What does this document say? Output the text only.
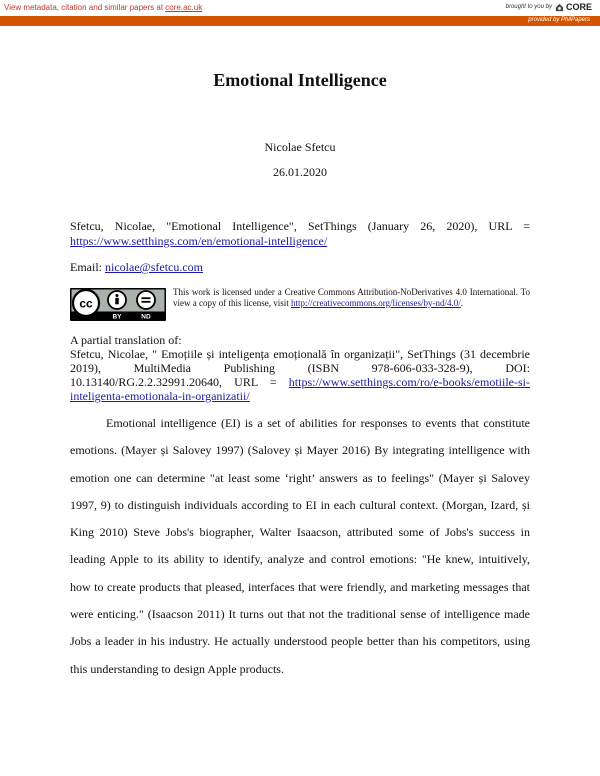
View metadata, citation and similar papers at core.ac.uk	brought to you by CORE
provided by PhilPapers
Emotional Intelligence
Nicolae Sfetcu
26.01.2020
Sfetcu, Nicolae, "Emotional Intelligence", SetThings (January 26, 2020), URL = https://www.setthings.com/en/emotional-intelligence/
Email: nicolae@sfetcu.com
cc
BY	ND
This work is licensed under a Creative Commons Attribution-NoDerivatives 4.0 International. To view a copy of this license, visit http://creativecommons.org/licenses/by-nd/4.0/.

A partial translation of:

Sfetcu, Nicolae, " Emoțiile și inteligența emoțională în organizații", SetThings (31 decembrie 2019), MultiMedia Publishing (ISBN 978-606-033-328-9), DOI: 10.13140/RG.2.2.32991.20640, URL = https://www.setthings.com/ro/e-books/emotiile-si-inteligenta-emotionala-in-organizatii/

Emotional intelligence (EI) is a set of abilities for responses to events that constitute emotions. (Mayer și Salovey 1997) (Salovey și Mayer 2016) By integrating intelligence with emotion one can determine "at least some ‘right’ answers as to feelings" (Mayer și Salovey 1997, 9) to distinguish individuals according to EI in each cultural context. (Morgan, Izard, și King 2010) Steve Jobs's biographer, Walter Isaacson, attributed some of Jobs's success in leading Apple to its ability to identify, analyze and control emotions: "He knew, intuitively, how to create products that pleased, interfaces that were friendly, and marketing messages that were enticing." (Isaacson 2011) It turns out that not the traditional sense of intelligence made Jobs a leader in his industry. He actually understood people better than his competitors, using this understanding to design Apple products.
